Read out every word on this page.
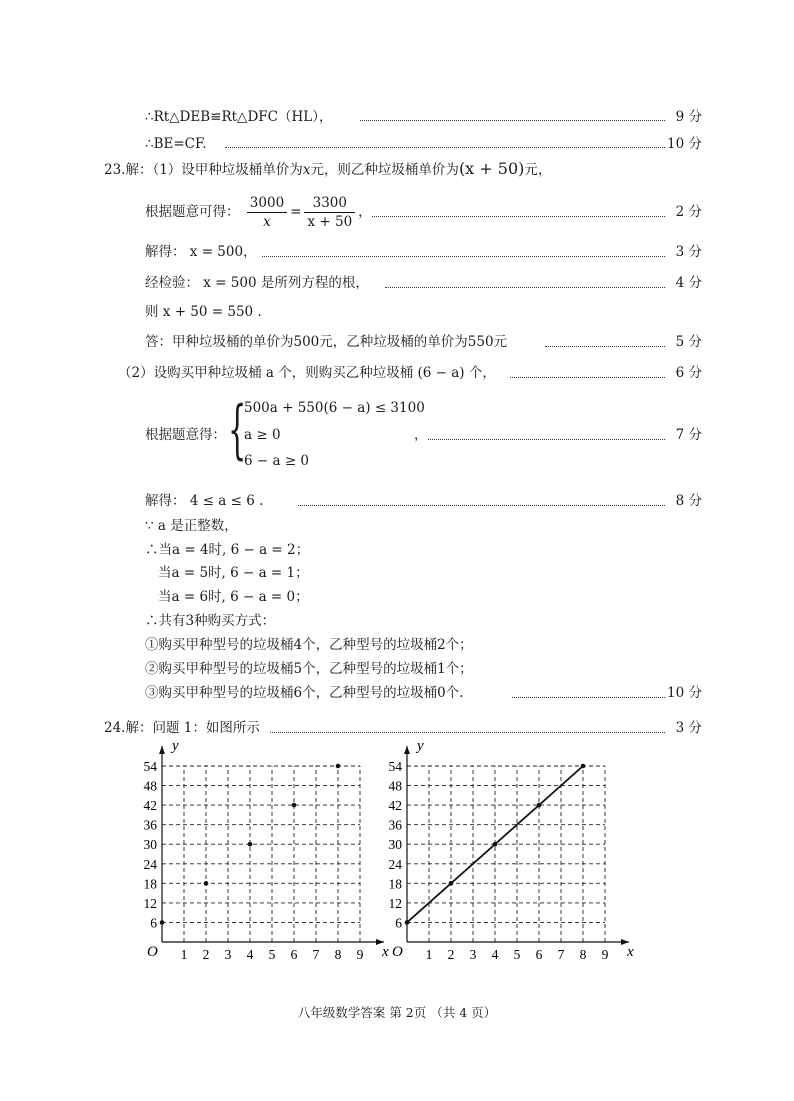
∴Rt△DEB≌Rt△DFC（HL），	9 分
∴BE=CF.	10 分
23.解：（1）设甲种垃圾桶单价为x元，则乙种垃圾桶单价为(x + 50)元，
根据题意可得： $\frac{3000}{x} = \frac{3300}{x + 50}$ ，	2 分
解得： x = 500，	3 分
经检验： x = 500 是所列方程的根，	4 分
则 x + 50 = 550 .
答：甲种垃圾桶的单价为500元，乙种垃圾桶的单价为550元	5 分
（2）设购买甲种垃圾桶 a 个，则购买乙种垃圾桶 (6 − a) 个，	6 分
根据题意得： {
500a + 550(6 − a) ≤ 3100
a ≥ 0
6 − a ≥ 0
，	7 分
解得： 4 ≤ a ≤ 6 .	8 分
∵ a 是正整数，
∴当a = 4时, 6 − a = 2；
当a = 5时, 6 − a = 1；
当a = 6时, 6 − a = 0；
∴共有3种购买方式：
①购买甲种型号的垃圾桶4个，乙种型号的垃圾桶2个；
②购买甲种型号的垃圾桶5个，乙种型号的垃圾桶1个；
③购买甲种型号的垃圾桶6个，乙种型号的垃圾桶0个.	10 分
24.解：问题 1：如图所示	3 分
x
y
O 1 2 3 4 5 6 7 8 9
6
12
18
24
30
36
42
48
54
x
y
O 1 2 3 4 5 6 7 8 9
6
12
18
24
30
36
42
48
54
八年级数学答案 第 2页 （共 4 页）
